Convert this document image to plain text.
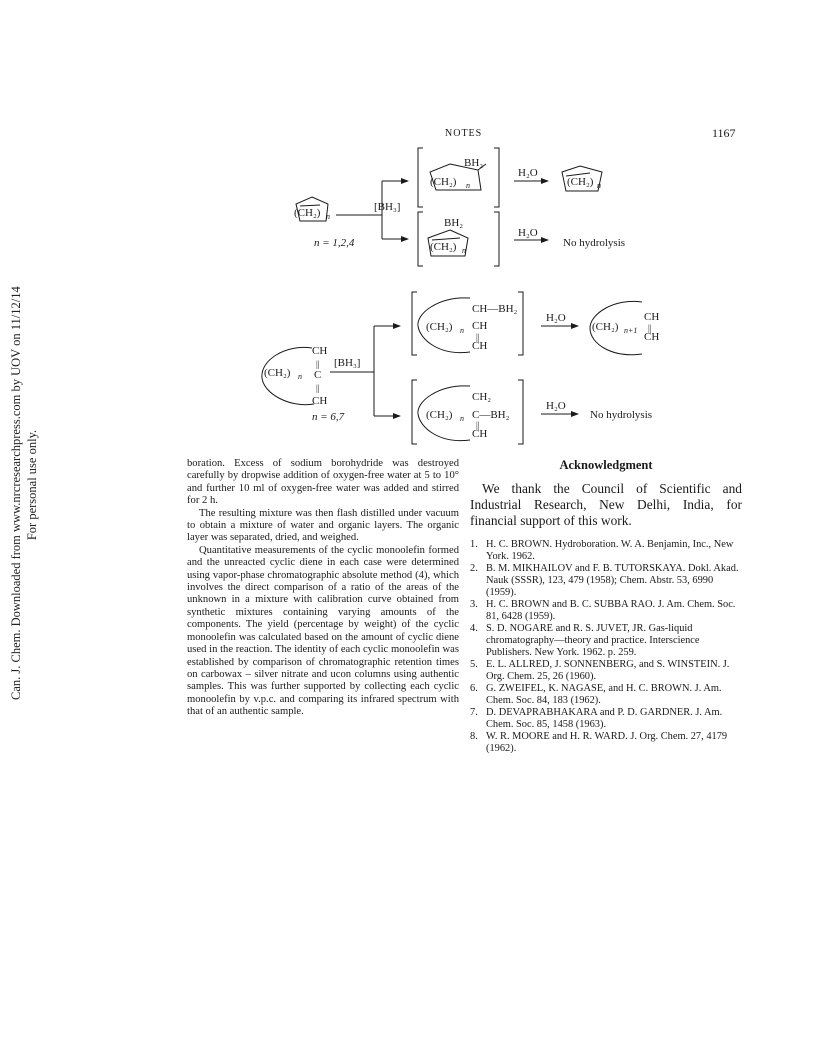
NOTES	1167
Can. J. Chem. Downloaded from www.nrcresearchpress.com by UOV on 11/12/14 For personal use only.
[BH₃]
(CH₂) n
n = 1,2,4
BH₂
(CH₂) n
H₂O
(CH₂) n
BH₂
(CH₂) n
H₂O
No hydrolysis
(CH₂) n
CH
||
C
||
CH
[BH₃]
n = 6,7
(CH₂) n
CH—BH₂
CH
||
CH
H₂O
(CH₂) n+1
CH
||
CH
(CH₂) n
CH₂
C—BH₂
||
CH
H₂O
No hydrolysis

boration. Excess of sodium borohydride was destroyed carefully by dropwise addition of oxygen-free water at 5 to 10° and further 10 ml of oxygen-free water was added and stirred for 2 h.

The resulting mixture was then flash distilled under vacuum to obtain a mixture of water and organic layers. The organic layer was separated, dried, and weighed.

Quantitative measurements of the cyclic monoolefin formed and the unreacted cyclic diene in each case were determined using vapor-phase chromatographic absolute method (4), which involves the direct comparison of a ratio of the areas of the unknown in a mixture with calibration curve obtained from synthetic mixtures containing varying amounts of the components. The yield (percentage by weight) of the cyclic monoolefin was calculated based on the amount of cyclic diene used in the reaction. The identity of each cyclic monoolefin was established by comparison of chromatographic retention times on carbowax – silver nitrate and ucon columns using authentic samples. This was further supported by collecting each cyclic monoolefin by v.p.c. and comparing its infrared spectrum with that of an authentic sample.

Acknowledgment

We thank the Council of Scientific and Industrial Research, New Delhi, India, for financial support of this work.

1. H. C. BROWN. Hydroboration. W. A. Benjamin, Inc., New York. 1962.
2. B. M. MIKHAILOV and F. B. TUTORSKAYA. Dokl. Akad. Nauk (SSSR), 123, 479 (1958); Chem. Abstr. 53, 6990 (1959).
3. H. C. BROWN and B. C. SUBBA RAO. J. Am. Chem. Soc. 81, 6428 (1959).
4. S. D. NOGARE and R. S. JUVET, JR. Gas-liquid chromatography—theory and practice. Interscience Publishers. New York. 1962. p. 259.
5. E. L. ALLRED, J. SONNENBERG, and S. WINSTEIN. J. Org. Chem. 25, 26 (1960).
6. G. ZWEIFEL, K. NAGASE, and H. C. BROWN. J. Am. Chem. Soc. 84, 183 (1962).
7. D. DEVAPRABHAKARA and P. D. GARDNER. J. Am. Chem. Soc. 85, 1458 (1963).
8. W. R. MOORE and H. R. WARD. J. Org. Chem. 27, 4179 (1962).
